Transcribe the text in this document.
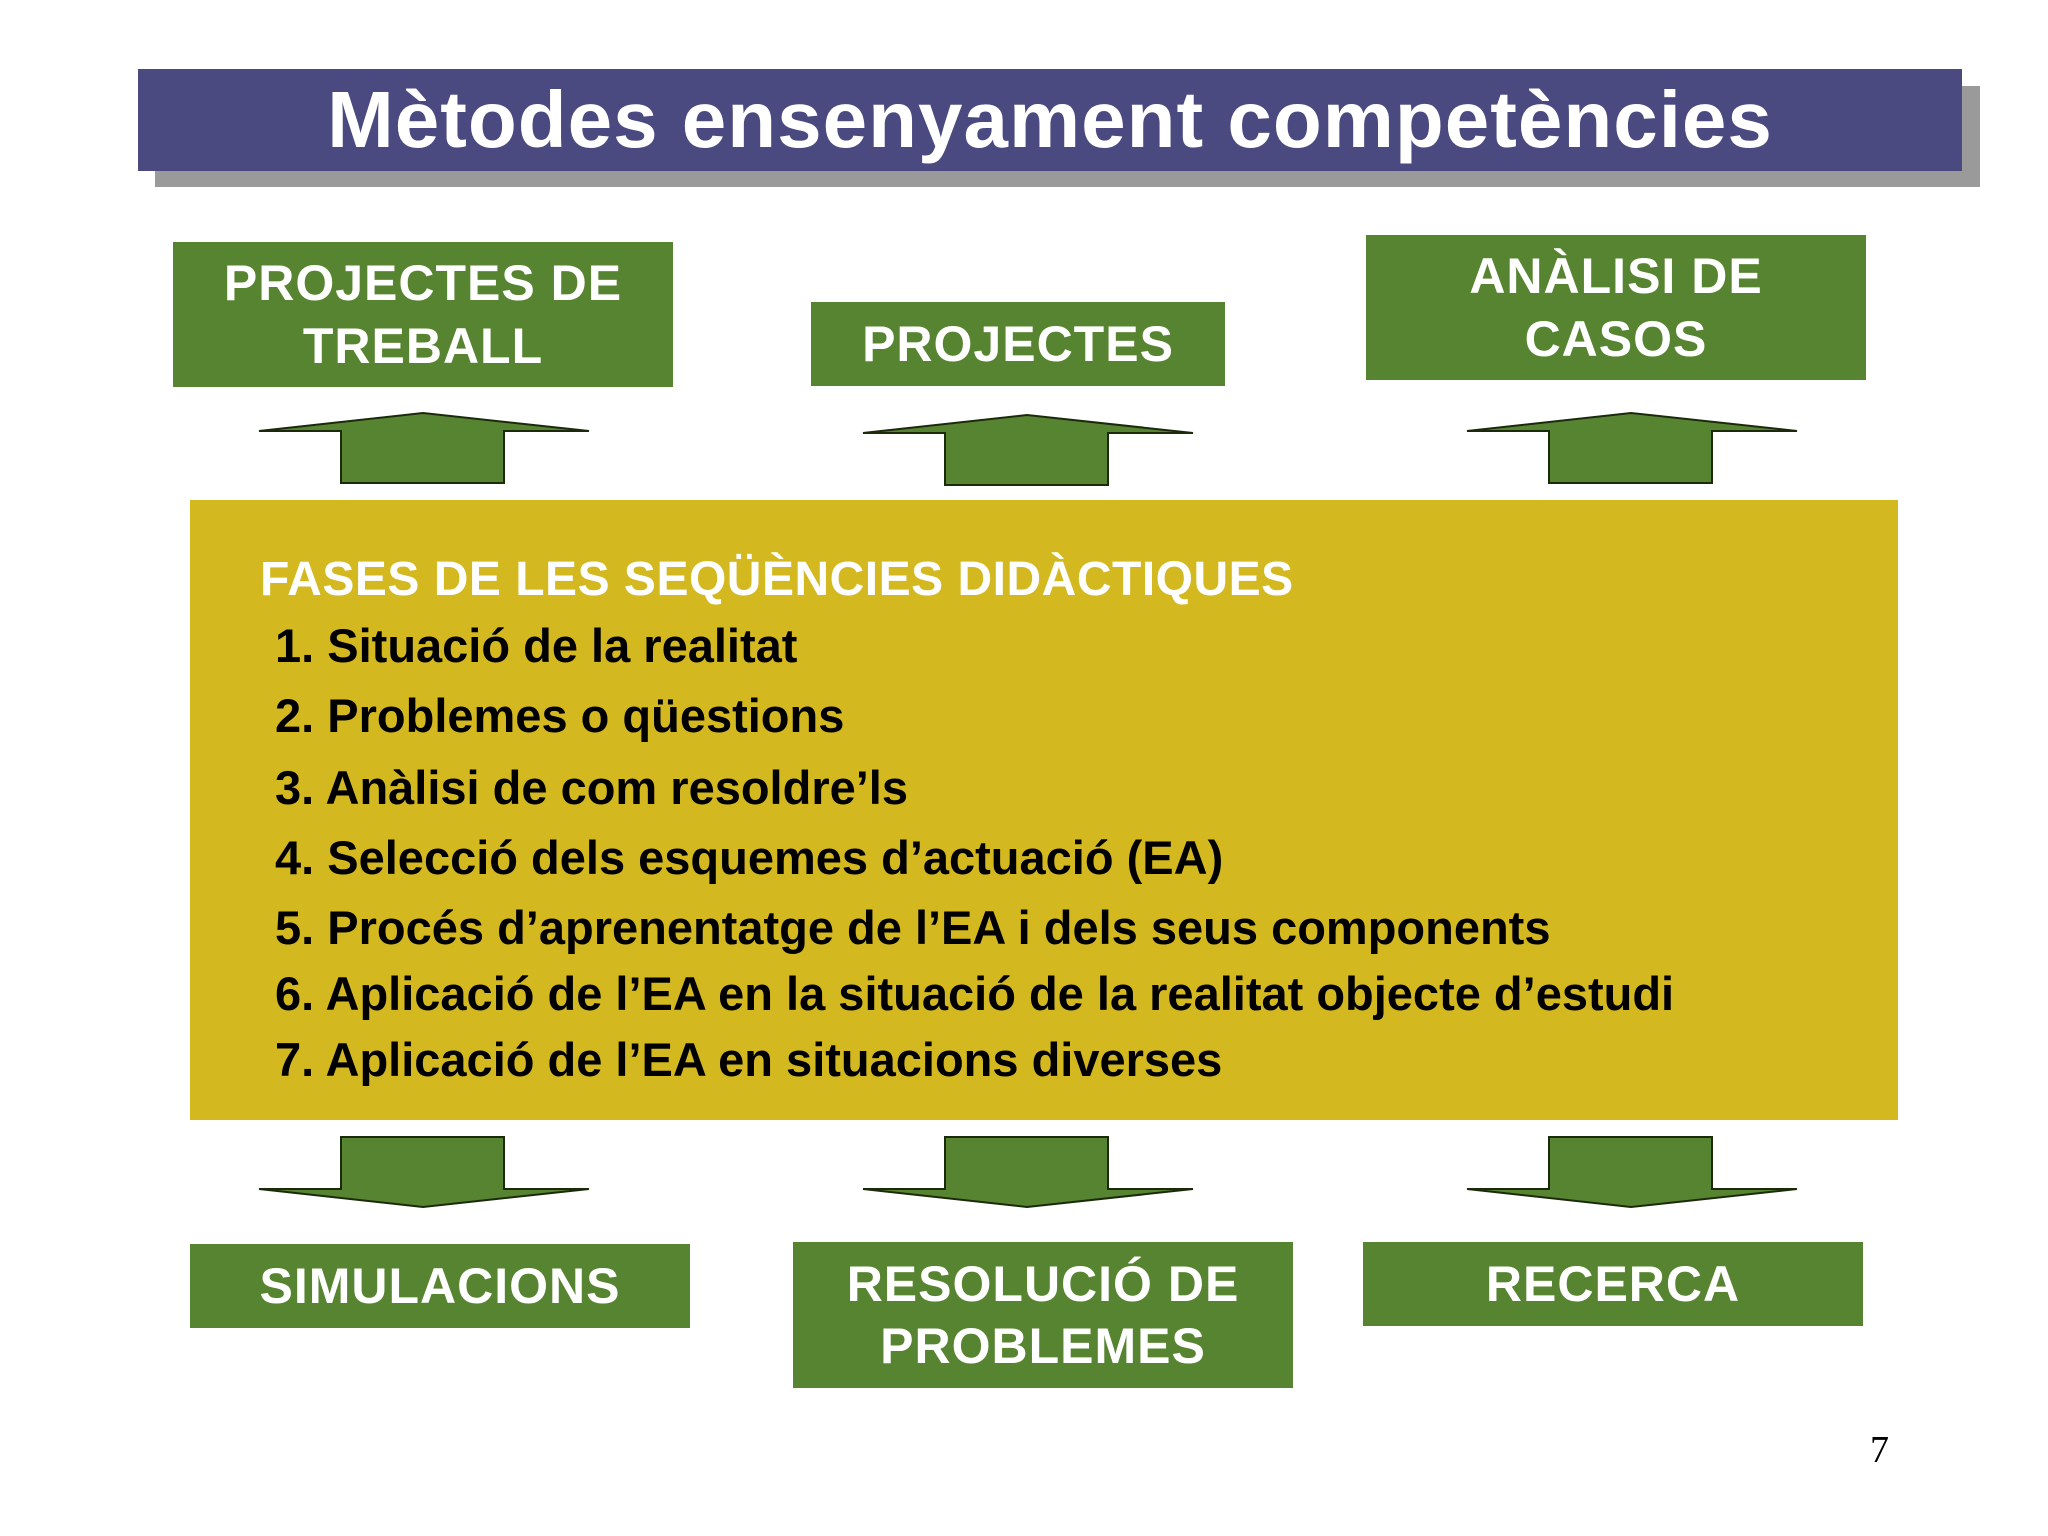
Mètodes ensenyament competències
PROJECTES DE
TREBALL	PROJECTES
ANÀLISI DE
CASOS
FASES DE LES SEQÜÈNCIES DIDÀCTIQUES
1. Situació de la realitat
2. Problemes o qüestions
3. Anàlisi de com resoldre’ls
4. Selecció dels esquemes d’actuació (EA)
5. Procés d’aprenentatge de l’EA i dels seus components
6. Aplicació de l’EA en la situació de la realitat objecte d’estudi
7. Aplicació de l’EA en situacions diverses
SIMULACIONS	RESOLUCIÓ DE
PROBLEMES
RECERCA
7
